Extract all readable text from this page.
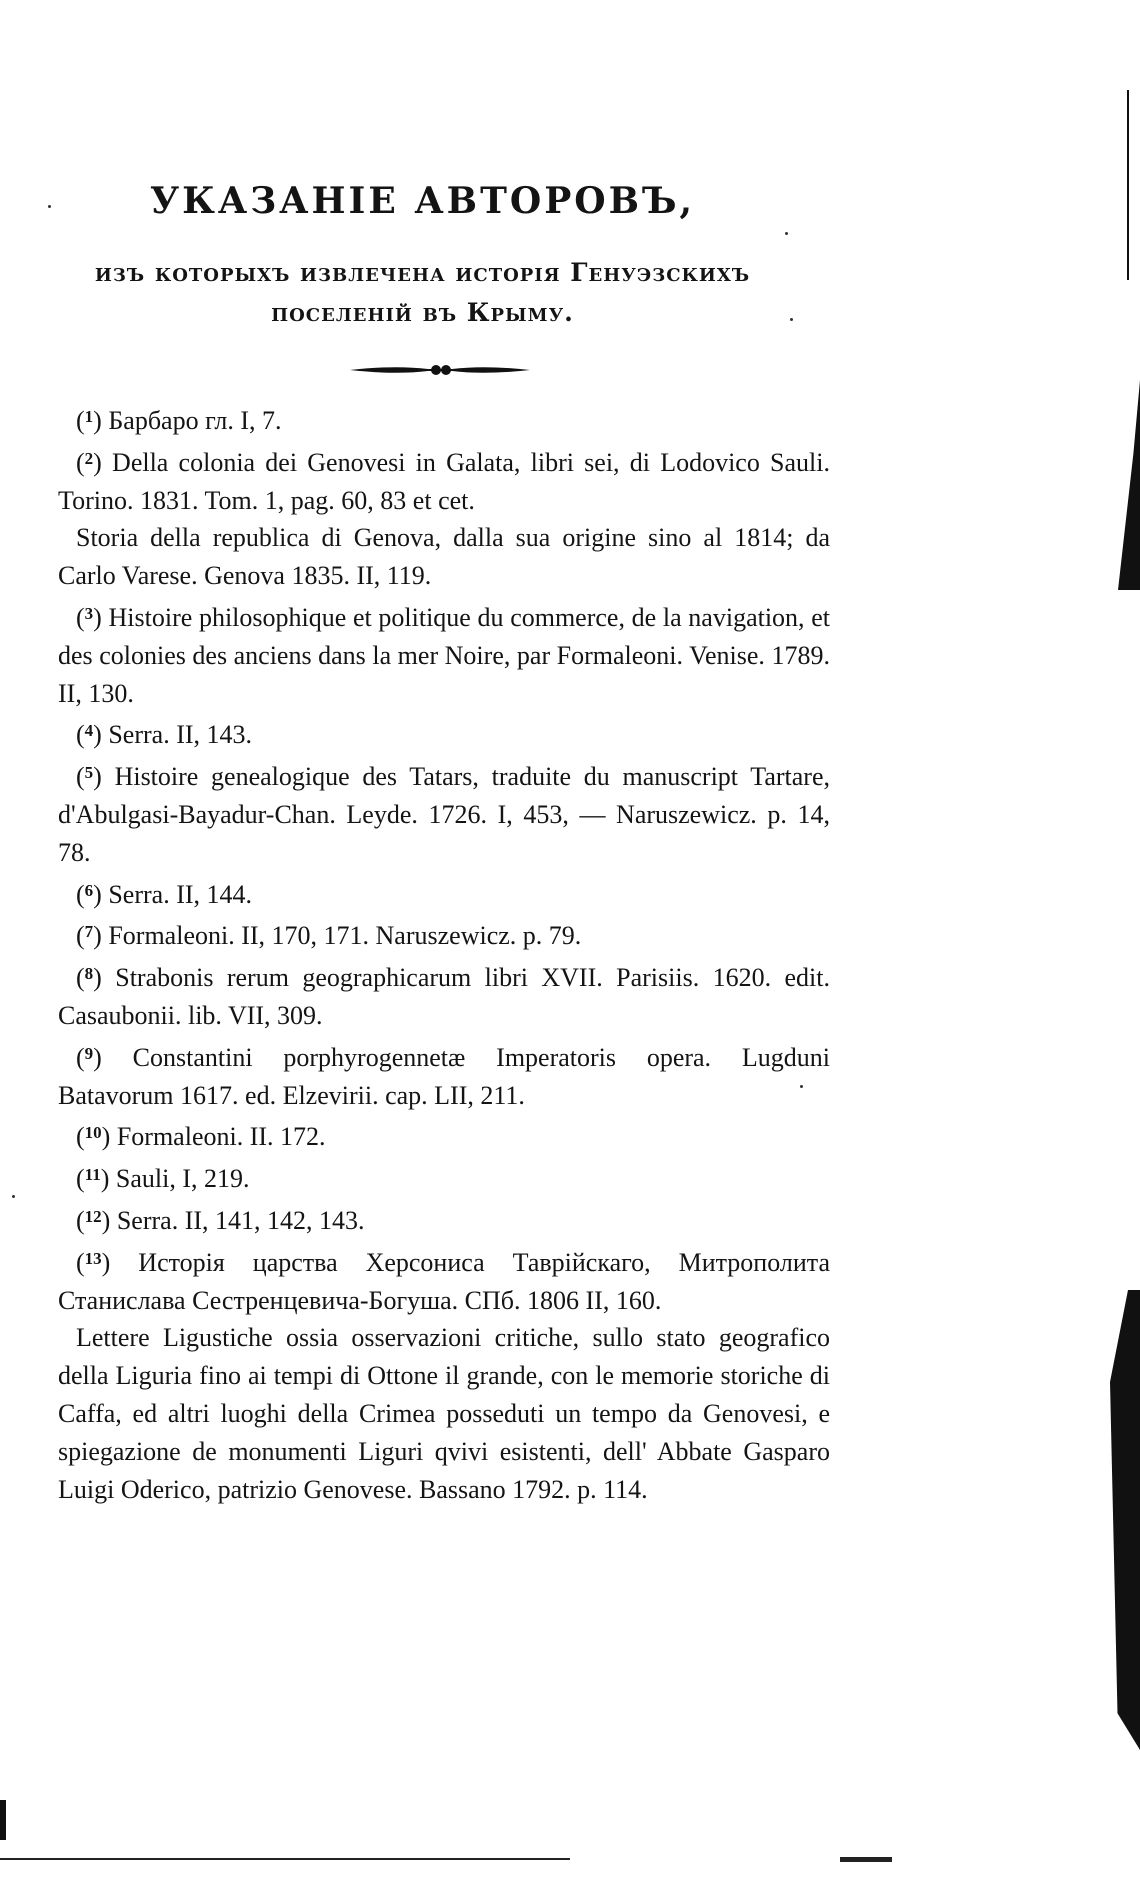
УКАЗАНІЕ АВТОРОВЪ,
изъ которыхъ извлечена исторія Генуэзскихъ
поселеній въ Крыму.
($^1$) Барбаро гл. I, 7.
($^2$) Della colonia dei Genovesi in Galata, libri sei, di Lodovico Sauli. Torino. 1831. Tom. 1, pag. 60, 83 et cet.
Storia della republica di Genova, dalla sua origine sino al 1814; da Carlo Varese. Genova 1835. II, 119.
($^3$) Histoire philosophique et politique du commerce, de la navigation, et des colonies des anciens dans la mer Noire, par Formaleoni. Venise. 1789. II, 130.
($^4$) Serra. II, 143.
($^5$) Histoire genealogique des Tatars, traduite du manuscript Tartare, d'Abulgasi-Bayadur-Chan. Leyde. 1726. I, 453, — Naruszewicz. p. 14, 78.
($^6$) Serra. II, 144.
($^7$) Formaleoni. II, 170, 171. Naruszewicz. p. 79.
($^8$) Strabonis rerum geographicarum libri XVII. Parisiis. 1620. edit. Casaubonii. lib. VII, 309.
($^9$) Constantini porphyrogennetæ Imperatoris opera. Lugduni Batavorum 1617. ed. Elzevirii. cap. LII, 211.
($^{10}$) Formaleoni. II. 172.
($^{11}$) Sauli, I, 219.
($^{12}$) Serra. II, 141, 142, 143.
($^{13}$) Исторія царства Херсониса Таврійскаго, Митрополита Станислава Сестренцевича-Богуша. СПб. 1806 II, 160.
Lettere Ligustiche ossia osservazioni critiche, sullo stato geografico della Liguria fino ai tempi di Ottone il grande, con le memorie storiche di Caffa, ed altri luoghi della Crimea posseduti un tempo da Genovesi, e spiegazione de monumenti Liguri qvivi esistenti, dell' Abbate Gasparo Luigi Oderico, patrizio Genovese. Bassano 1792. p. 114.
